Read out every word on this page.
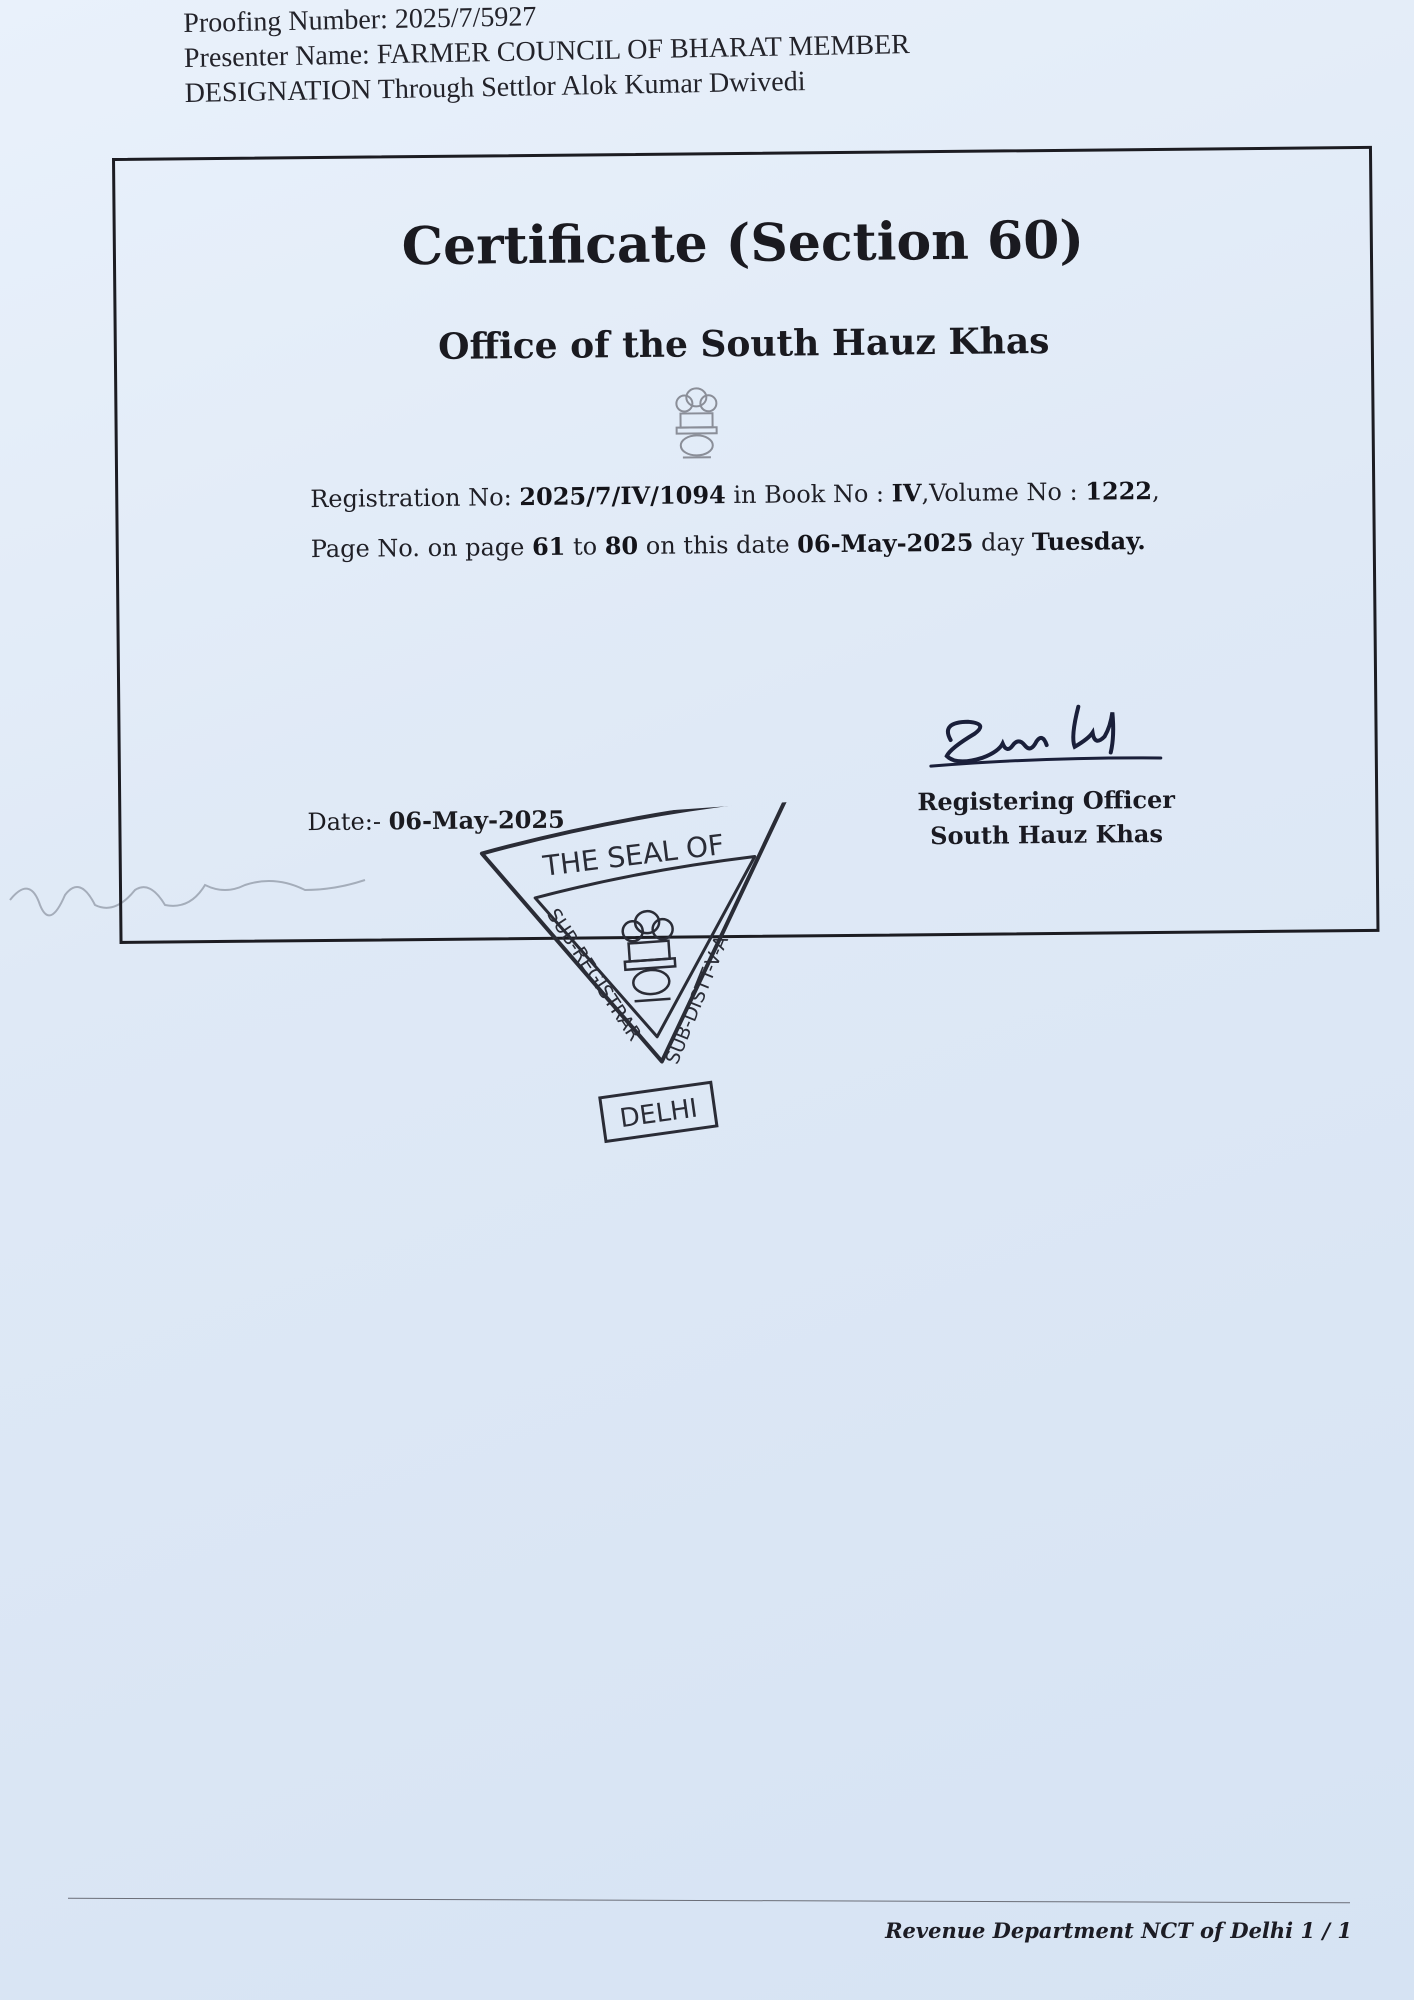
Proofing Number: 2025/7/5927
Presenter Name: FARMER COUNCIL OF BHARAT MEMBER
DESIGNATION Through Settlor Alok Kumar Dwivedi
Certificate (Section 60)
Office of the South Hauz Khas
Registration No: 2025/7/IV/1094 in Book No : IV,Volume No : 1222,
Page No. on page 61 to 80 on this date 06-May-2025 day Tuesday.
Date:- 06-May-2025
Registering Officer
South Hauz Khas
THE SEAL OF
SUB-REGISTRAR
SUB-DISTT-V-A
DELHI
Revenue Department NCT of Delhi 1 / 1
